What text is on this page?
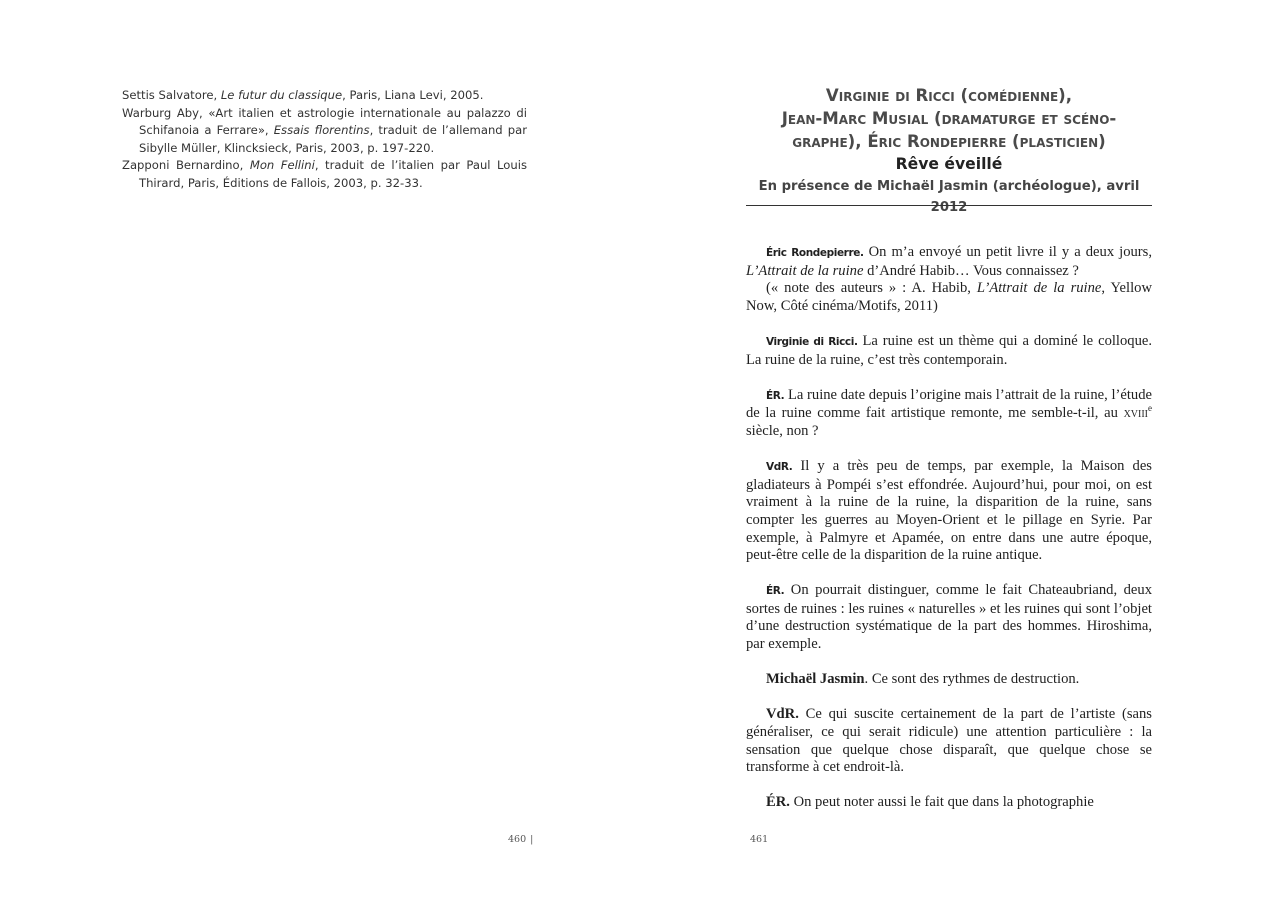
Settis Salvatore, Le futur du classique, Paris, Liana Levi, 2005.

Warburg Aby, «Art italien et astrologie internationale au palazzo di Schifanoia a Ferrare», Essais florentins, traduit de l’allemand par Sibylle Müller, Klincksieck, Paris, 2003, p. 197-220.

Zapponi Bernardino, Mon Fellini, traduit de l’italien par Paul Louis Thirard, Paris, Éditions de Fallois, 2003, p. 32-33.

460 |
Virginie di Ricci (comédienne),
Jean-Marc Musial (dramaturge et scéno-
graphe), Éric Rondepierre (plasticien)
Rêve éveillé
En présence de Michaël Jasmin (archéologue), avril 2012

Éric Rondepierre. On m’a envoyé un petit livre il y a deux jours, L’Attrait de la ruine d’André Habib… Vous connaissez ?

(« note des auteurs » : A. Habib, L’Attrait de la ruine, Yellow Now, Côté cinéma/Motifs, 2011)

Virginie di Ricci. La ruine est un thème qui a dominé le colloque. La ruine de la ruine, c’est très contemporain.

ÉR. La ruine date depuis l’origine mais l’attrait de la ruine, l’étude de la ruine comme fait artistique remonte, me semble-t-il, au xviii$^e$ siècle, non ?

VdR. Il y a très peu de temps, par exemple, la Maison des gladiateurs à Pompéi s’est effondrée. Aujourd’hui, pour moi, on est vraiment à la ruine de la ruine, la disparition de la ruine, sans compter les guerres au Moyen-Orient et le pillage en Syrie. Par exemple, à Palmyre et Apamée, on entre dans une autre époque, peut-être celle de la disparition de la ruine antique.

ÉR. On pourrait distinguer, comme le fait Chateaubriand, deux sortes de ruines : les ruines « naturelles » et les ruines qui sont l’objet d’une destruction systématique de la part des hommes. Hiroshima, par exemple.

Michaël Jasmin. Ce sont des rythmes de destruction.

VdR. Ce qui suscite certainement de la part de l’artiste (sans généraliser, ce qui serait ridicule) une attention particulière : la sensation que quelque chose disparaît, que quelque chose se transforme à cet endroit-là.

ÉR. On peut noter aussi le fait que dans la photographie

461
